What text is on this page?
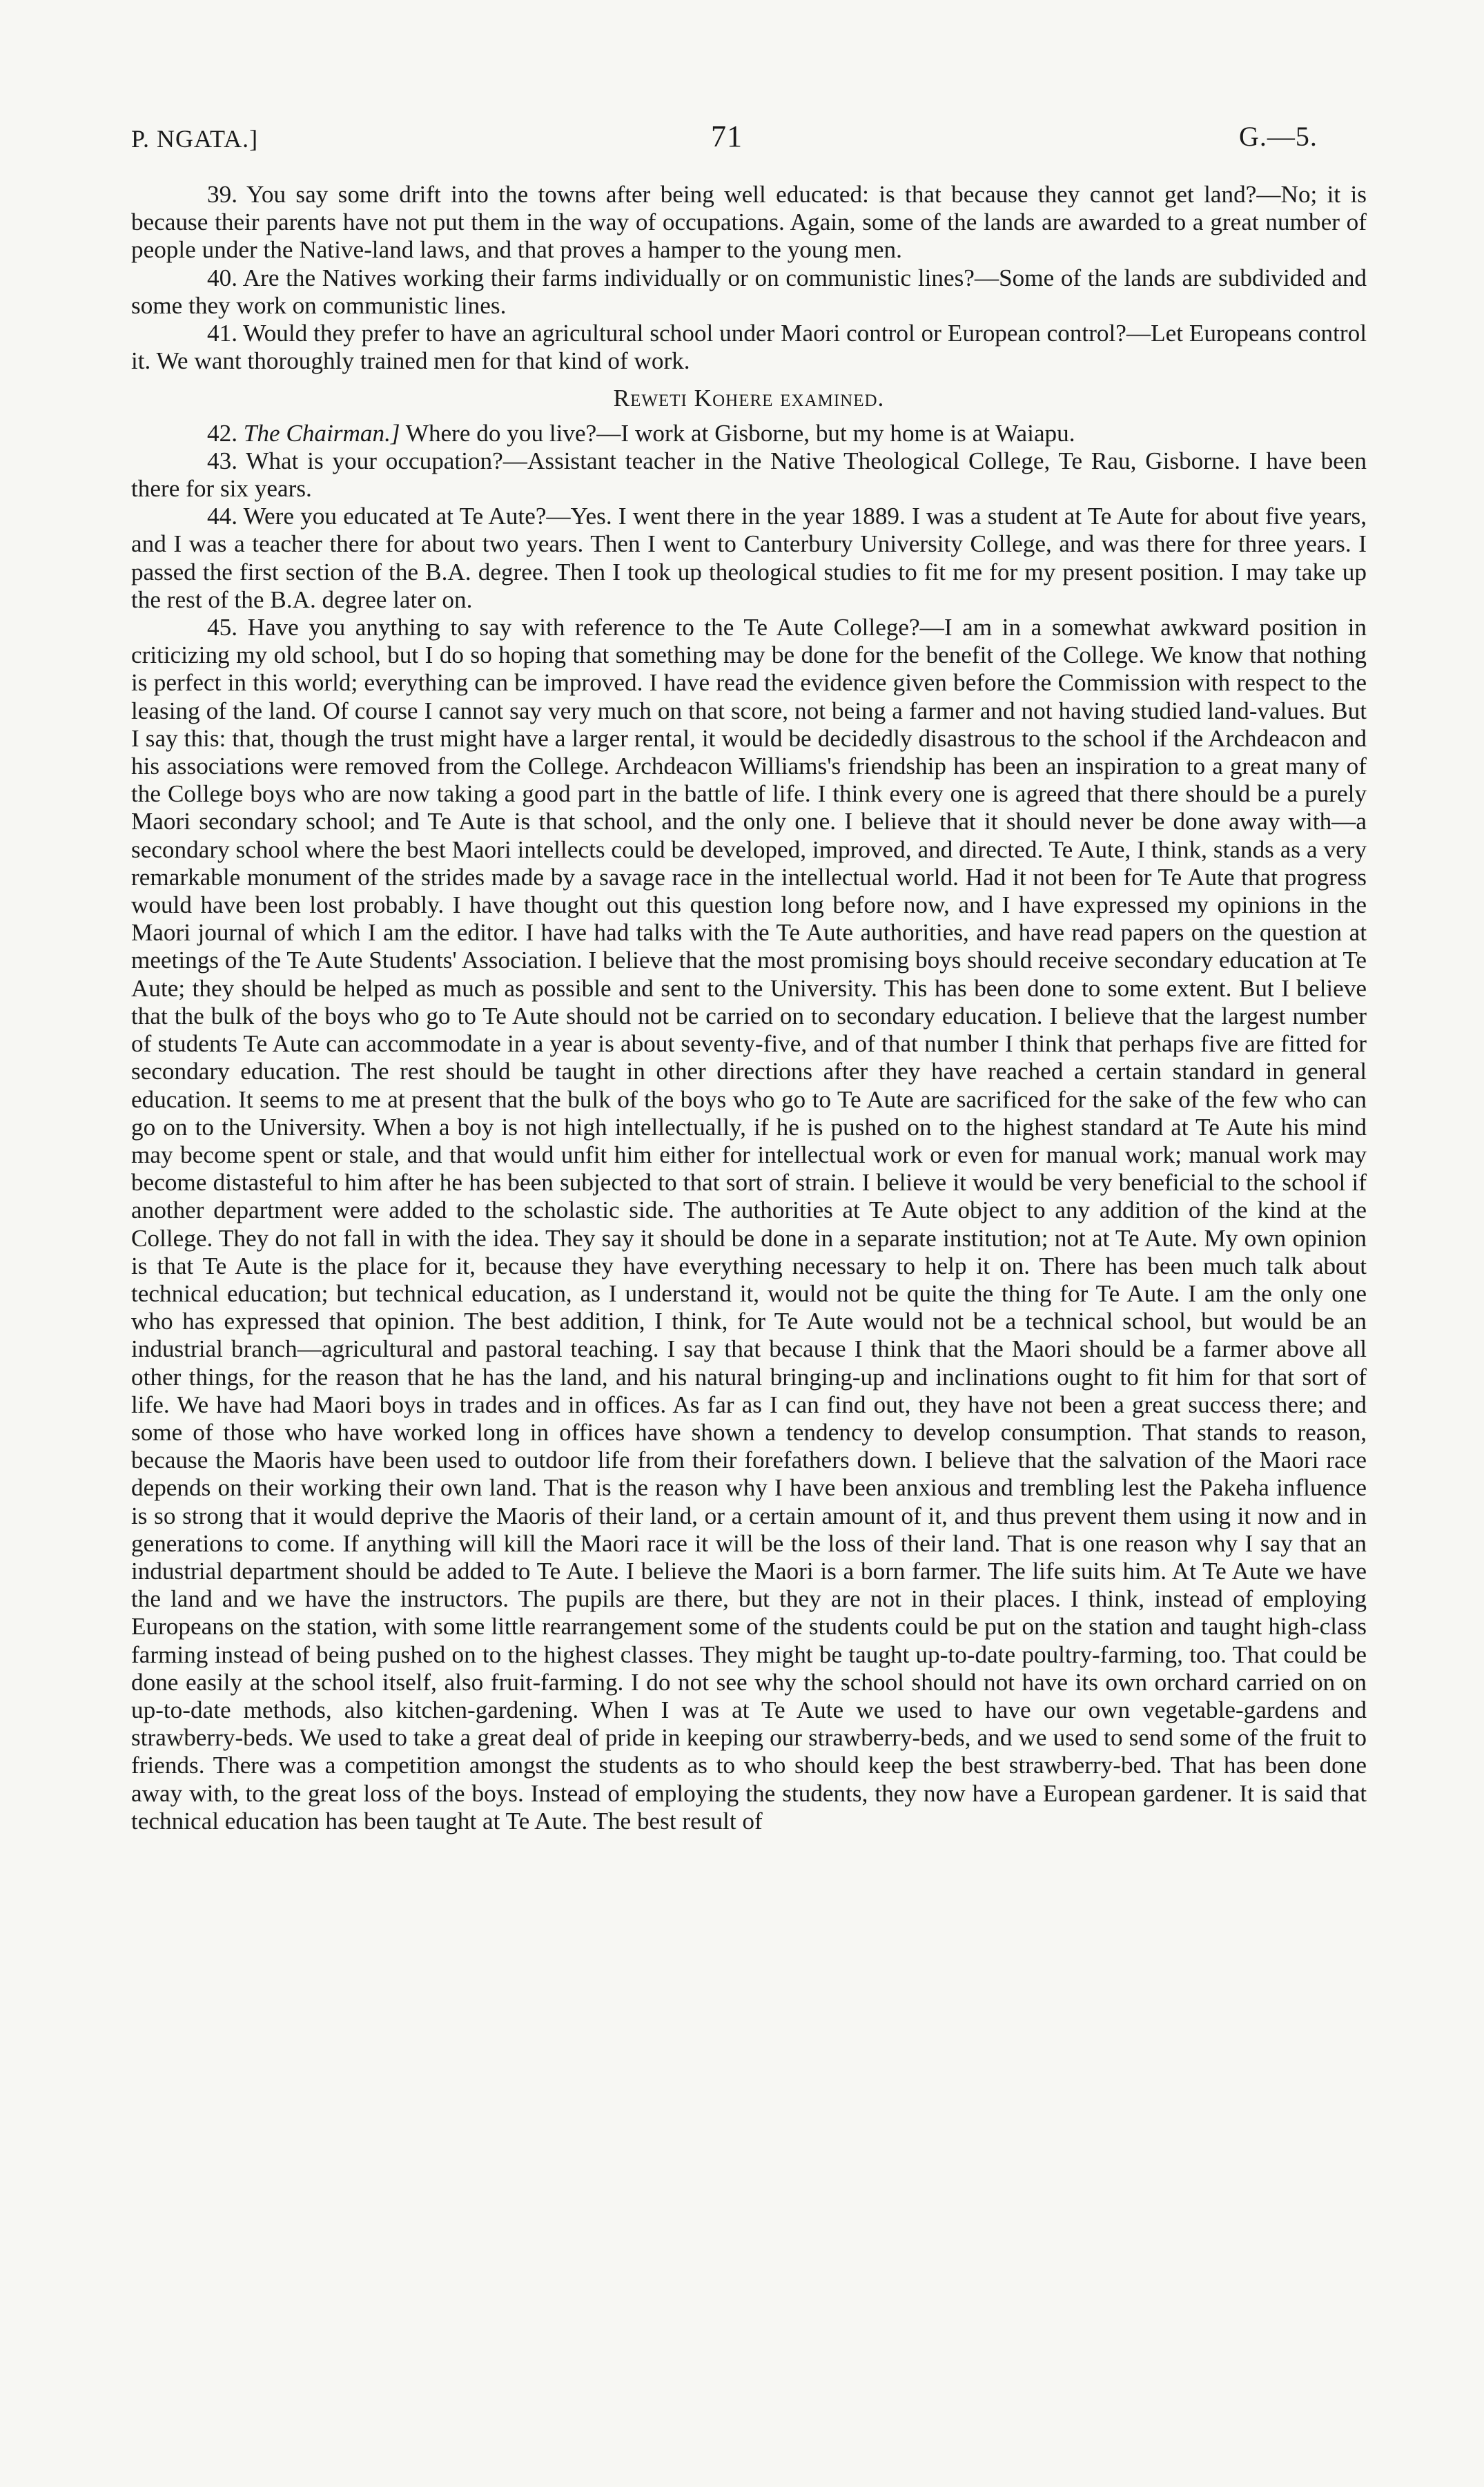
P. NGATA.]	71	G.—5.

39. You say some drift into the towns after being well educated: is that because they cannot get land?—No; it is because their parents have not put them in the way of occupations. Again, some of the lands are awarded to a great number of people under the Native-land laws, and that proves a hamper to the young men.

40. Are the Natives working their farms individually or on communistic lines?—Some of the lands are subdivided and some they work on communistic lines.

41. Would they prefer to have an agricultural school under Maori control or European control?—Let Europeans control it. We want thoroughly trained men for that kind of work.

Reweti Kohere examined.

42. The Chairman.] Where do you live?—I work at Gisborne, but my home is at Waiapu.

43. What is your occupation?—Assistant teacher in the Native Theological College, Te Rau, Gisborne. I have been there for six years.

44. Were you educated at Te Aute?—Yes. I went there in the year 1889. I was a student at Te Aute for about five years, and I was a teacher there for about two years. Then I went to Canterbury University College, and was there for three years. I passed the first section of the B.A. degree. Then I took up theological studies to fit me for my present position. I may take up the rest of the B.A. degree later on.

45. Have you anything to say with reference to the Te Aute College?—I am in a somewhat awkward position in criticizing my old school, but I do so hoping that something may be done for the benefit of the College. We know that nothing is perfect in this world; everything can be improved. I have read the evidence given before the Commission with respect to the leasing of the land. Of course I cannot say very much on that score, not being a farmer and not having studied land-values. But I say this: that, though the trust might have a larger rental, it would be decidedly disastrous to the school if the Archdeacon and his associations were removed from the College. Archdeacon Williams's friendship has been an inspiration to a great many of the College boys who are now taking a good part in the battle of life. I think every one is agreed that there should be a purely Maori secondary school; and Te Aute is that school, and the only one. I believe that it should never be done away with—a secondary school where the best Maori intellects could be developed, improved, and directed. Te Aute, I think, stands as a very remarkable monument of the strides made by a savage race in the intellectual world. Had it not been for Te Aute that progress would have been lost probably. I have thought out this question long before now, and I have expressed my opinions in the Maori journal of which I am the editor. I have had talks with the Te Aute authorities, and have read papers on the question at meetings of the Te Aute Students' Association. I believe that the most promising boys should receive secondary education at Te Aute; they should be helped as much as possible and sent to the University. This has been done to some extent. But I believe that the bulk of the boys who go to Te Aute should not be carried on to secondary education. I believe that the largest number of students Te Aute can accommodate in a year is about seventy-five, and of that number I think that perhaps five are fitted for secondary education. The rest should be taught in other directions after they have reached a certain standard in general education. It seems to me at present that the bulk of the boys who go to Te Aute are sacrificed for the sake of the few who can go on to the University. When a boy is not high intellectually, if he is pushed on to the highest standard at Te Aute his mind may become spent or stale, and that would unfit him either for intellectual work or even for manual work; manual work may become distasteful to him after he has been subjected to that sort of strain. I believe it would be very beneficial to the school if another department were added to the scholastic side. The authorities at Te Aute object to any addition of the kind at the College. They do not fall in with the idea. They say it should be done in a separate institution; not at Te Aute. My own opinion is that Te Aute is the place for it, because they have everything necessary to help it on. There has been much talk about technical education; but technical education, as I understand it, would not be quite the thing for Te Aute. I am the only one who has expressed that opinion. The best addition, I think, for Te Aute would not be a technical school, but would be an industrial branch—agricultural and pastoral teaching. I say that because I think that the Maori should be a farmer above all other things, for the reason that he has the land, and his natural bringing-up and inclinations ought to fit him for that sort of life. We have had Maori boys in trades and in offices. As far as I can find out, they have not been a great success there; and some of those who have worked long in offices have shown a tendency to develop consumption. That stands to reason, because the Maoris have been used to outdoor life from their forefathers down. I believe that the salvation of the Maori race depends on their working their own land. That is the reason why I have been anxious and trembling lest the Pakeha influence is so strong that it would deprive the Maoris of their land, or a certain amount of it, and thus prevent them using it now and in generations to come. If anything will kill the Maori race it will be the loss of their land. That is one reason why I say that an industrial department should be added to Te Aute. I believe the Maori is a born farmer. The life suits him. At Te Aute we have the land and we have the instructors. The pupils are there, but they are not in their places. I think, instead of employing Europeans on the station, with some little rearrangement some of the students could be put on the station and taught high-class farming instead of being pushed on to the highest classes. They might be taught up-to-date poultry-farming, too. That could be done easily at the school itself, also fruit-farming. I do not see why the school should not have its own orchard carried on on up-to-date methods, also kitchen-gardening. When I was at Te Aute we used to have our own vegetable-gardens and strawberry-beds. We used to take a great deal of pride in keeping our strawberry-beds, and we used to send some of the fruit to friends. There was a competition amongst the students as to who should keep the best strawberry-bed. That has been done away with, to the great loss of the boys. Instead of employing the students, they now have a European gardener. It is said that technical education has been taught at Te Aute. The best result of
